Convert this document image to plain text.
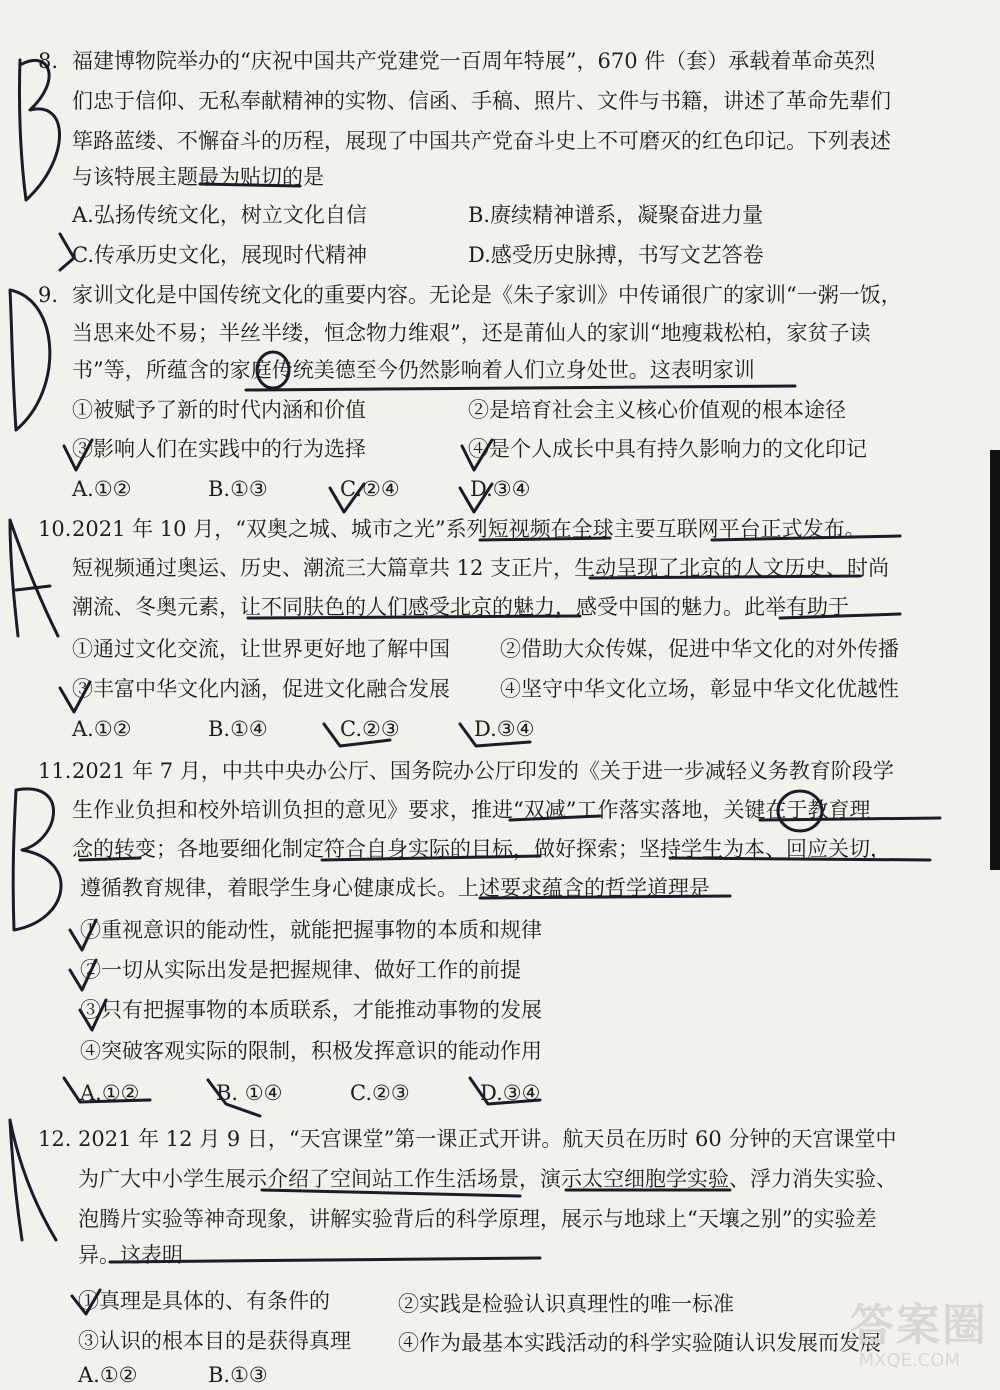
8. 福建博物院举办的“庆祝中国共产党建党一百周年特展”，670 件（套）承载着革命英烈
们忠于信仰、无私奉献精神的实物、信函、手稿、照片、文件与书籍，讲述了革命先辈们
筚路蓝缕、不懈奋斗的历程，展现了中国共产党奋斗史上不可磨灭的红色印记。下列表述
与该特展主题最为贴切的是
A.弘扬传统文化，树立文化自信	B.赓续精神谱系，凝聚奋进力量
C.传承历史文化，展现时代精神	D.感受历史脉搏，书写文艺答卷
9. 家训文化是中国传统文化的重要内容。无论是《朱子家训》中传诵很广的家训“一粥一饭，
当思来处不易；半丝半缕，恒念物力维艰”，还是莆仙人的家训“地瘦栽松柏，家贫子读
书”等，所蕴含的家庭传统美德至今仍然影响着人们立身处世。这表明家训
①被赋予了新的时代内涵和价值	②是培育社会主义核心价值观的根本途径
③影响人们在实践中的行为选择	④是个人成长中具有持久影响力的文化印记
A.①②	B.①③	C.②④	D.③④
10. 2021 年 10 月，“双奥之城、城市之光”系列短视频在全球主要互联网平台正式发布。
短视频通过奥运、历史、潮流三大篇章共 12 支正片，生动呈现了北京的人文历史、时尚
潮流、冬奥元素，让不同肤色的人们感受北京的魅力，感受中国的魅力。此举有助于
①通过文化交流，让世界更好地了解中国 ②借助大众传媒，促进中华文化的对外传播
③丰富中华文化内涵，促进文化融合发展 ④坚守中华文化立场，彰显中华文化优越性
A.①②	B.①④	C.②③	D.③④
11. 2021 年 7 月，中共中央办公厅、国务院办公厅印发的《关于进一步减轻义务教育阶段学
生作业负担和校外培训负担的意见》要求，推进“双减”工作落实落地，关键在于教育理
念的转变；各地要细化制定符合自身实际的目标，做好探索；坚持学生为本、回应关切，
遵循教育规律，着眼学生身心健康成长。上述要求蕴含的哲学道理是
①重视意识的能动性，就能把握事物的本质和规律
②一切从实际出发是把握规律、做好工作的前提
③只有把握事物的本质联系，才能推动事物的发展
④突破客观实际的限制，积极发挥意识的能动作用
A.①②	B. ①④	C.②③	D.③④
12. 2021 年 12 月 9 日，“天宫课堂”第一课正式开讲。航天员在历时 60 分钟的天宫课堂中
为广大中小学生展示介绍了空间站工作生活场景，演示太空细胞学实验、浮力消失实验、
泡腾片实验等神奇现象，讲解实验背后的科学原理，展示与地球上“天壤之别”的实验差
异。这表明
①真理是具体的、有条件的	②实践是检验认识真理性的唯一标准
③认识的根本目的是获得真理 ④作为最基本实践活动的科学实验随认识发展而发展
A.①②	B.①③
答案圈
MXQE.COM
